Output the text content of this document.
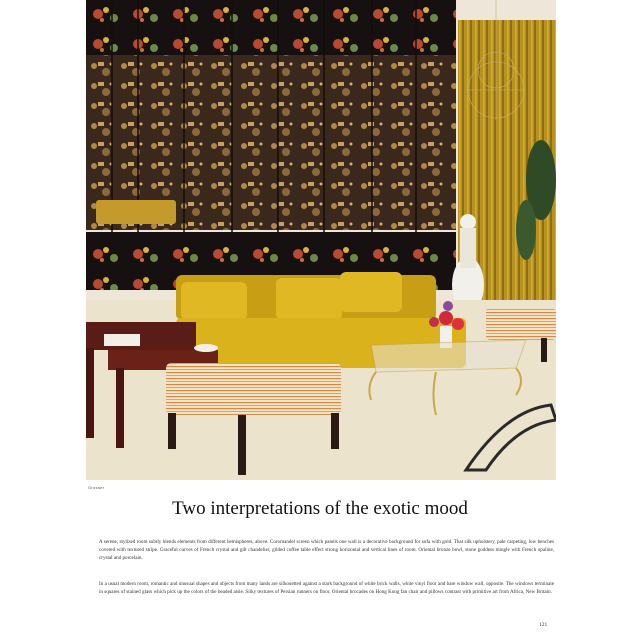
Grosser
Two interpretations of the exotic mood

A serene, stylized room subtly blends elements from different hemispheres, above. Coromandel screen which panels one wall is a decorative background for sofa with gold. That silk upholstery, pale carpeting, low benches covered with textured stripe. Graceful curves of French crystal and gilt chandelier, gilded coffee table effect strong horizontal and vertical lines of room. Oriental bronze bowl, stone goddess mingle with French opaline, crystal and porcelain.

In a usual modern room, romantic and unusual shapes and objects from many lands are silhouetted against a stark background of white brick walls, white vinyl floor and bare window wall, opposite. The windows terminate in squares of stained glass which pick up the colors of the beaded aisle. Silky textures of Persian runners on floor, Oriental brocades on Hong Kong fan chair and pillows contrast with primitive art from Africa, New Britain.

121
